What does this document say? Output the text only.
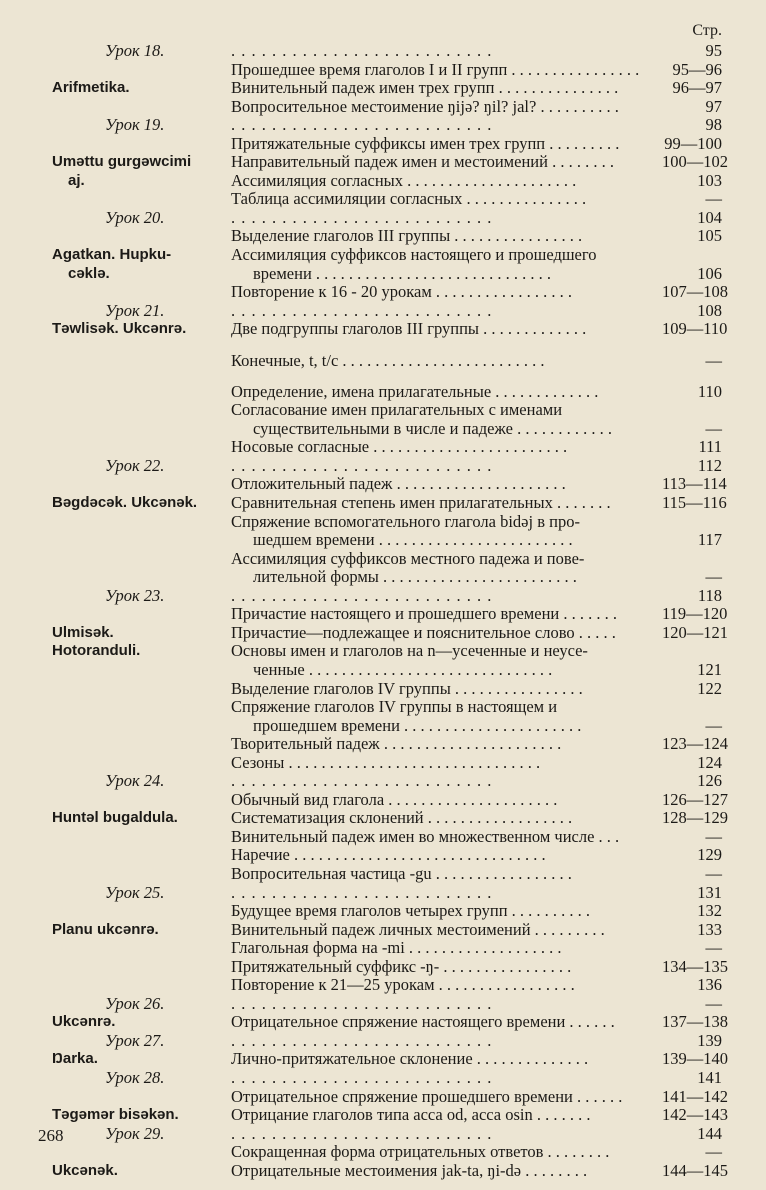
Стр.
Урок 18.	. . . . . . . . . . . . . . . . . . . . . . . . . .	95
Прошедшее время глаголов I и II групп . . . . . . . . . . . . . . . .	95—96
Arifmetika.	Винительный падеж имен трех групп . . . . . . . . . . . . . . .	96—97
Вопросительное местоимение ŋijǝ? ŋil? jal? . . . . . . . . . .	97
Урок 19.	. . . . . . . . . . . . . . . . . . . . . . . . . .	98
Притяжательные суффиксы имен трех групп . . . . . . . . .	99—100
Umǝttu gurgǝwcimi	Направительный падеж имен и местоимений . . . . . . . .	100—102
aj.	Ассимиляция согласных . . . . . . . . . . . . . . . . . . . . .	103
Таблица ассимиляции согласных . . . . . . . . . . . . . . .	—
Урок 20.	. . . . . . . . . . . . . . . . . . . . . . . . . .	104
Выделение глаголов III группы . . . . . . . . . . . . . . . .	105
Agatkan. Hupku-	Ассимиляция суффиксов настоящего и прошедшего
cǝklǝ.	времени . . . . . . . . . . . . . . . . . . . . . . . . . . . . .	106
Повторение к 16 - 20 урокам . . . . . . . . . . . . . . . . .	107—108
Урок 21.	. . . . . . . . . . . . . . . . . . . . . . . . . .	108
Tǝwlisǝk. Ukcǝnrǝ.	Две подгруппы глаголов III группы . . . . . . . . . . . . .	109—110
Конечные, t, t/c . . . . . . . . . . . . . . . . . . . . . . . . .	—
Определение, имена прилагательные . . . . . . . . . . . . .	110
Согласование имен прилагательных с именами
существительными в числе и падеже . . . . . . . . . . . .	—
Носовые согласные . . . . . . . . . . . . . . . . . . . . . . . .	111
Урок 22.	. . . . . . . . . . . . . . . . . . . . . . . . . .	112
Отложительный падеж . . . . . . . . . . . . . . . . . . . . .	113—114
Bǝgdǝcǝk. Ukcǝnǝk.	Сравнительная степень имен прилагательных . . . . . . .	115—116
Спряжение вспомогательного глагола bidǝj в про-
шедшем времени . . . . . . . . . . . . . . . . . . . . . . . .	117
Ассимиляция суффиксов местного падежа и пове-
лительной формы . . . . . . . . . . . . . . . . . . . . . . . .	—
Урок 23.	. . . . . . . . . . . . . . . . . . . . . . . . . .	118
Причастие настоящего и прошедшего времени . . . . . . .	119—120
Ulmisǝk.	Причастие—подлежащее и пояснительное слово . . . . .	120—121
Hotoranduli.	Основы имен и глаголов на n—усеченные и неусе-
ченные . . . . . . . . . . . . . . . . . . . . . . . . . . . . . .	121
Выделение глаголов IV группы . . . . . . . . . . . . . . . .	122
Спряжение глаголов IV группы в настоящем и
прошедшем времени . . . . . . . . . . . . . . . . . . . . . .	—
Творительный падеж . . . . . . . . . . . . . . . . . . . . . .	123—124
Сезоны . . . . . . . . . . . . . . . . . . . . . . . . . . . . . . .	124
Урок 24.	. . . . . . . . . . . . . . . . . . . . . . . . . .	126
Обычный вид глагола . . . . . . . . . . . . . . . . . . . . .	126—127
Huntǝl bugaldula.	Систематизация склонений . . . . . . . . . . . . . . . . . .	128—129
Винительный падеж имен во множественном числе . . .	—
Наречие . . . . . . . . . . . . . . . . . . . . . . . . . . . . . . .	129
Вопросительная частица -gu . . . . . . . . . . . . . . . . .	—
Урок 25.	. . . . . . . . . . . . . . . . . . . . . . . . . .	131
Будущее время глаголов четырех групп . . . . . . . . . .	132
Planu ukcǝnrǝ.	Винительный падеж личных местоимений . . . . . . . . .	133
Глагольная форма на -mi . . . . . . . . . . . . . . . . . . .	—
Притяжательный суффикс -ŋ- . . . . . . . . . . . . . . . .	134—135
Повторение к 21—25 урокам . . . . . . . . . . . . . . . . .	136
Урок 26.	. . . . . . . . . . . . . . . . . . . . . . . . . .	—
Ukcǝnrǝ.	Отрицательное спряжение настоящего времени . . . . . .	137—138
Урок 27.	. . . . . . . . . . . . . . . . . . . . . . . . . .	139
Ŋarka.	Лично-притяжательное склонение . . . . . . . . . . . . . .	139—140
Урок 28.	. . . . . . . . . . . . . . . . . . . . . . . . . .	141
Отрицательное спряжение прошедшего времени . . . . . .	141—142
Tǝgǝmǝr bisǝkǝn.	Отрицание глаголов типа асса od, асса osin . . . . . . .	142—143
Урок 29.	. . . . . . . . . . . . . . . . . . . . . . . . . .	144
Сокращенная форма отрицательных ответов . . . . . . . .	—
Ukcǝnǝk.	Отрицательные местоимения jak-ta, ŋi-dǝ . . . . . . . .	144—145
268
